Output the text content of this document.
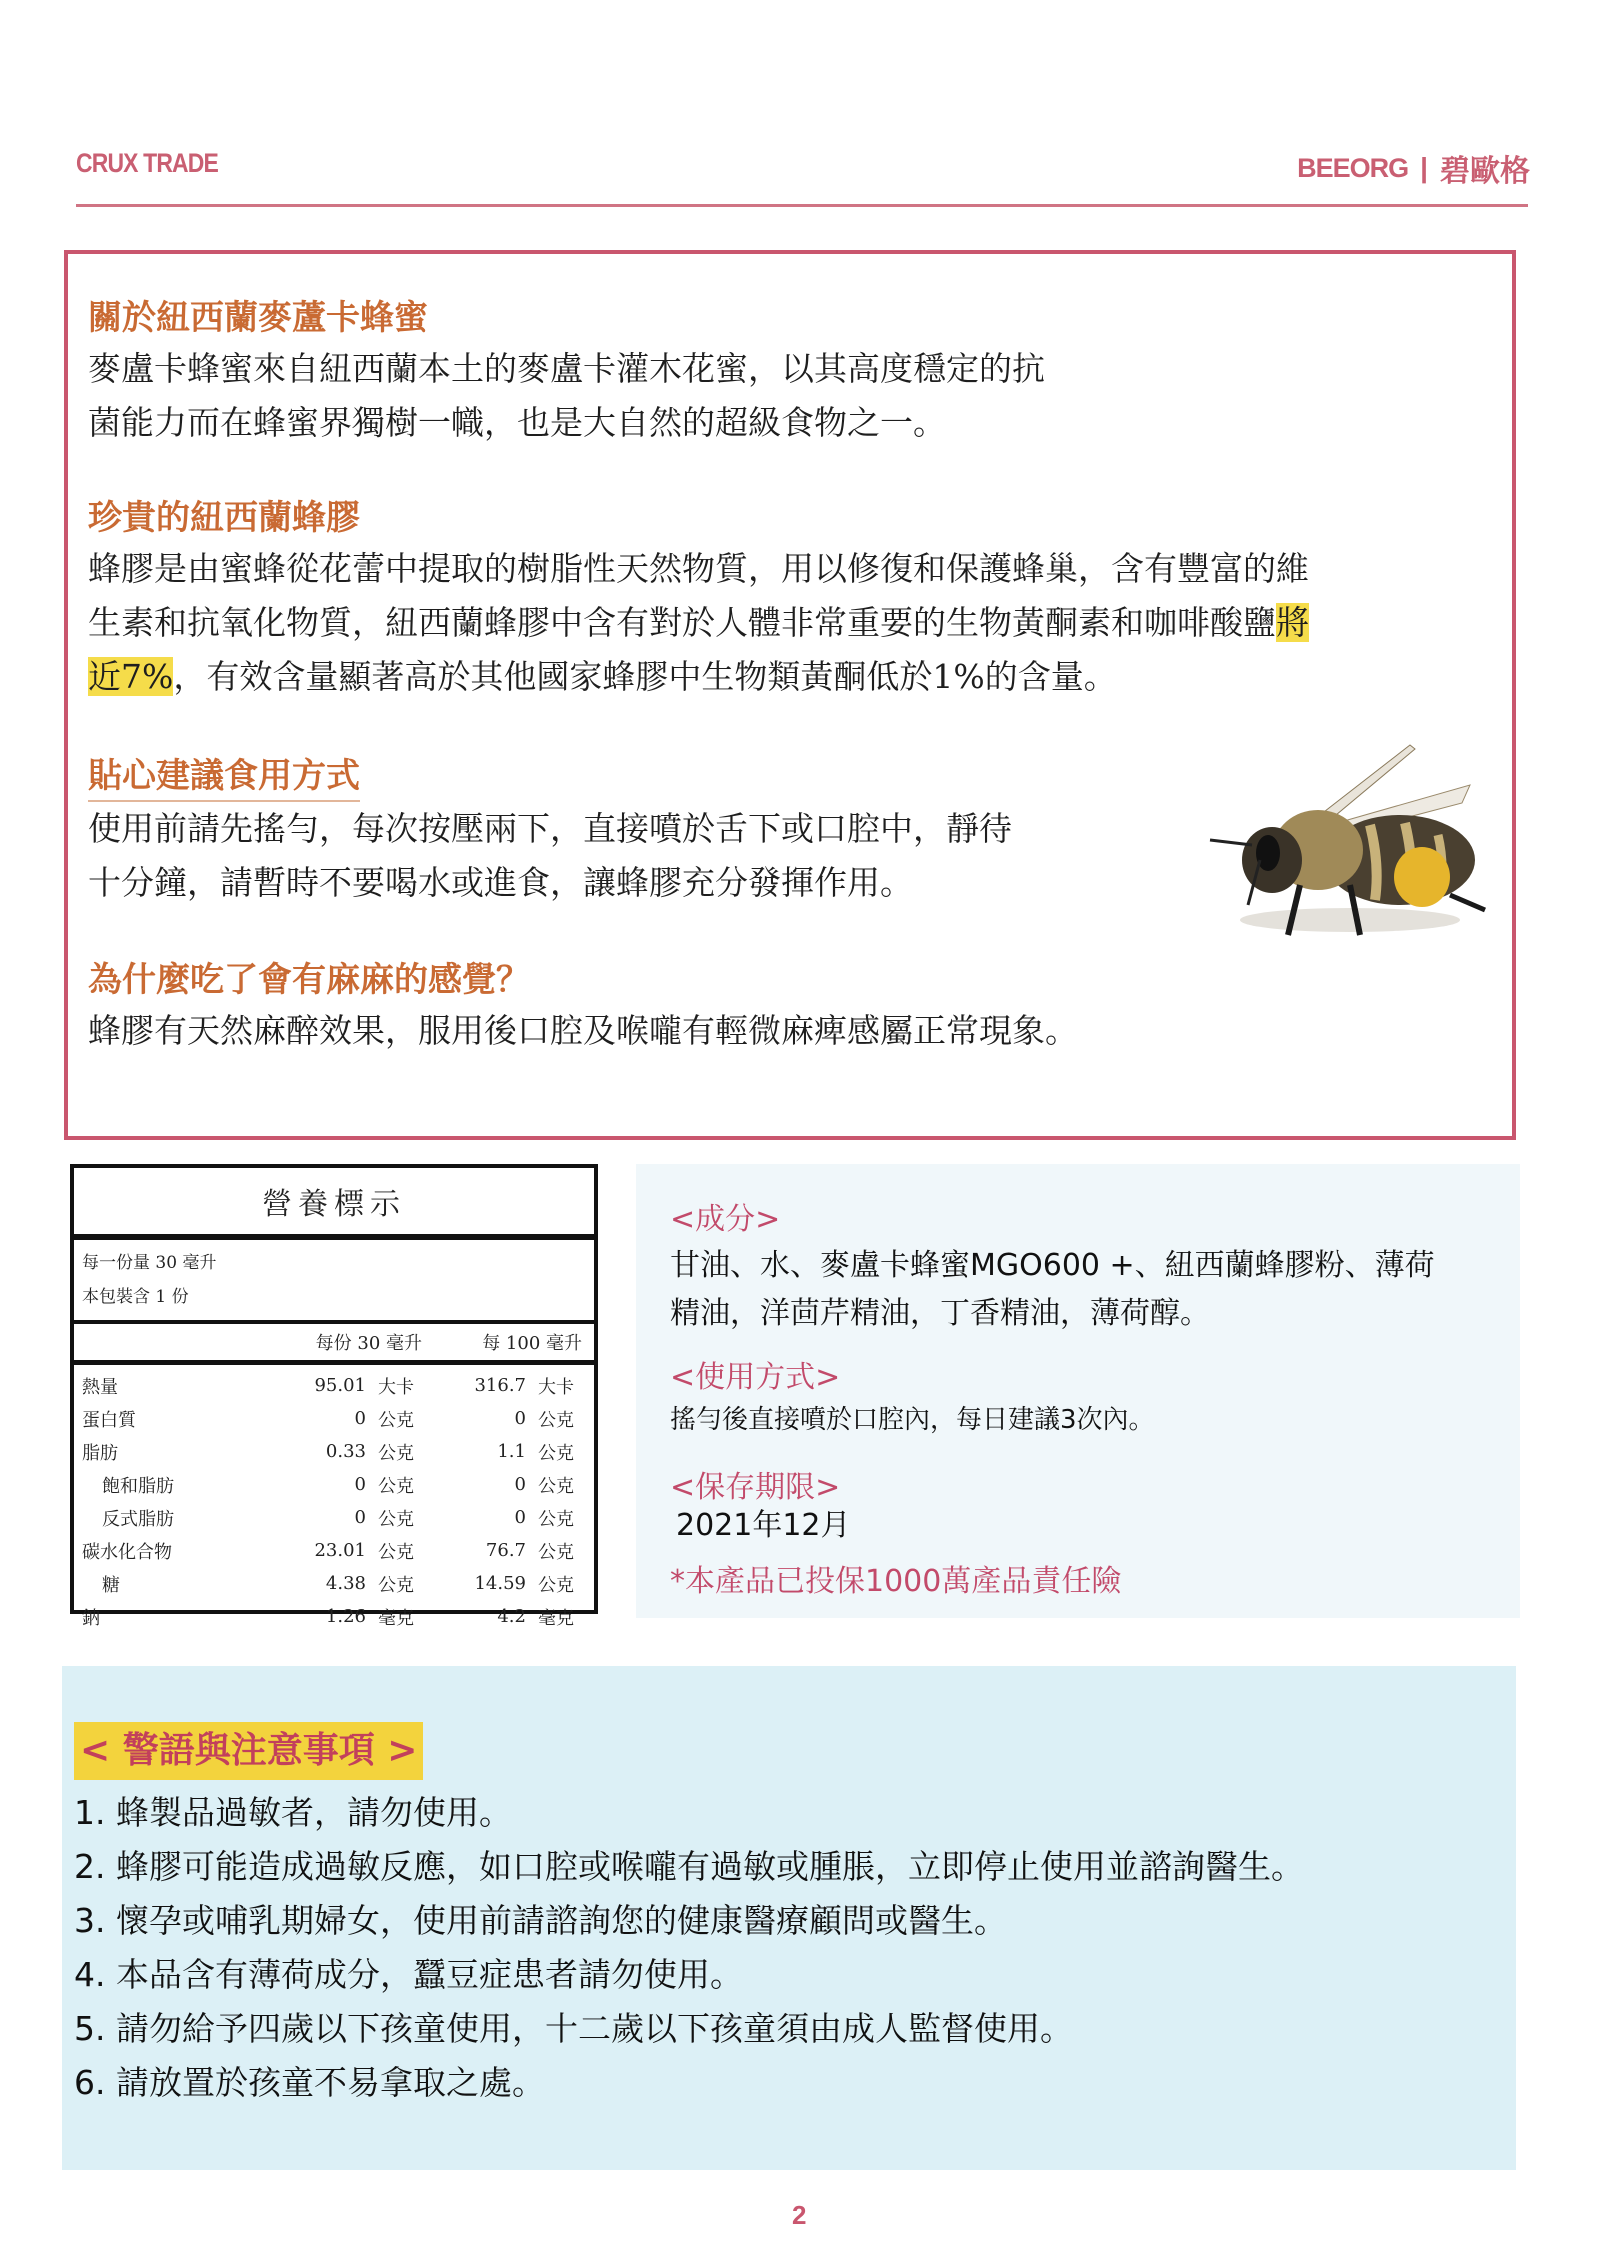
CRUX TRADE	BEEORG | 碧歐格

關於紐西蘭麥蘆卡蜂蜜

麥盧卡蜂蜜來自紐西蘭本土的麥盧卡灌木花蜜，以其高度穩定的抗

菌能力而在蜂蜜界獨樹一幟，也是大自然的超級食物之一。

珍貴的紐西蘭蜂膠

蜂膠是由蜜蜂從花蕾中提取的樹脂性天然物質，用以修復和保護蜂巢，含有豐富的維

生素和抗氧化物質，紐西蘭蜂膠中含有對於人體非常重要的生物黃酮素和咖啡酸鹽將

近7%，有效含量顯著高於其他國家蜂膠中生物類黃酮低於1%的含量。

貼心建議食用方式

使用前請先搖勻，每次按壓兩下，直接噴於舌下或口腔中，靜待

十分鐘，請暫時不要喝水或進食，讓蜂膠充分發揮作用。

為什麼吃了會有麻麻的感覺？

蜂膠有天然麻醉效果，服用後口腔及喉嚨有輕微麻痺感屬正常現象。

營養標示
每一份量 30 毫升
本包裝含 1 份
每份 30 毫升	每 100 毫升
熱量	95.01 大卡	316.7 大卡
蛋白質	0 公克	0 公克
脂肪	0.33 公克	1.1 公克
飽和脂肪	0 公克	0 公克
反式脂肪	0 公克	0 公克
碳水化合物	23.01 公克	76.7 公克
糖	4.38 公克	14.59 公克
鈉	1.26 毫克	4.2 毫克
<成分>
甘油、水、麥盧卡蜂蜜MGO600 +、紐西蘭蜂膠粉、薄荷
精油，洋茴芹精油，丁香精油，薄荷醇。
<使用方式>
搖勻後直接噴於口腔內，每日建議3次內。
<保存期限>
2021年12月
*本產品已投保1000萬產品責任險
< 警語與注意事項 >
1. 蜂製品過敏者，請勿使用。
2. 蜂膠可能造成過敏反應，如口腔或喉嚨有過敏或腫脹，立即停止使用並諮詢醫生。
3. 懷孕或哺乳期婦女，使用前請諮詢您的健康醫療顧問或醫生。
4. 本品含有薄荷成分，蠶豆症患者請勿使用。
5. 請勿給予四歲以下孩童使用，十二歲以下孩童須由成人監督使用。
6. 請放置於孩童不易拿取之處。
2
